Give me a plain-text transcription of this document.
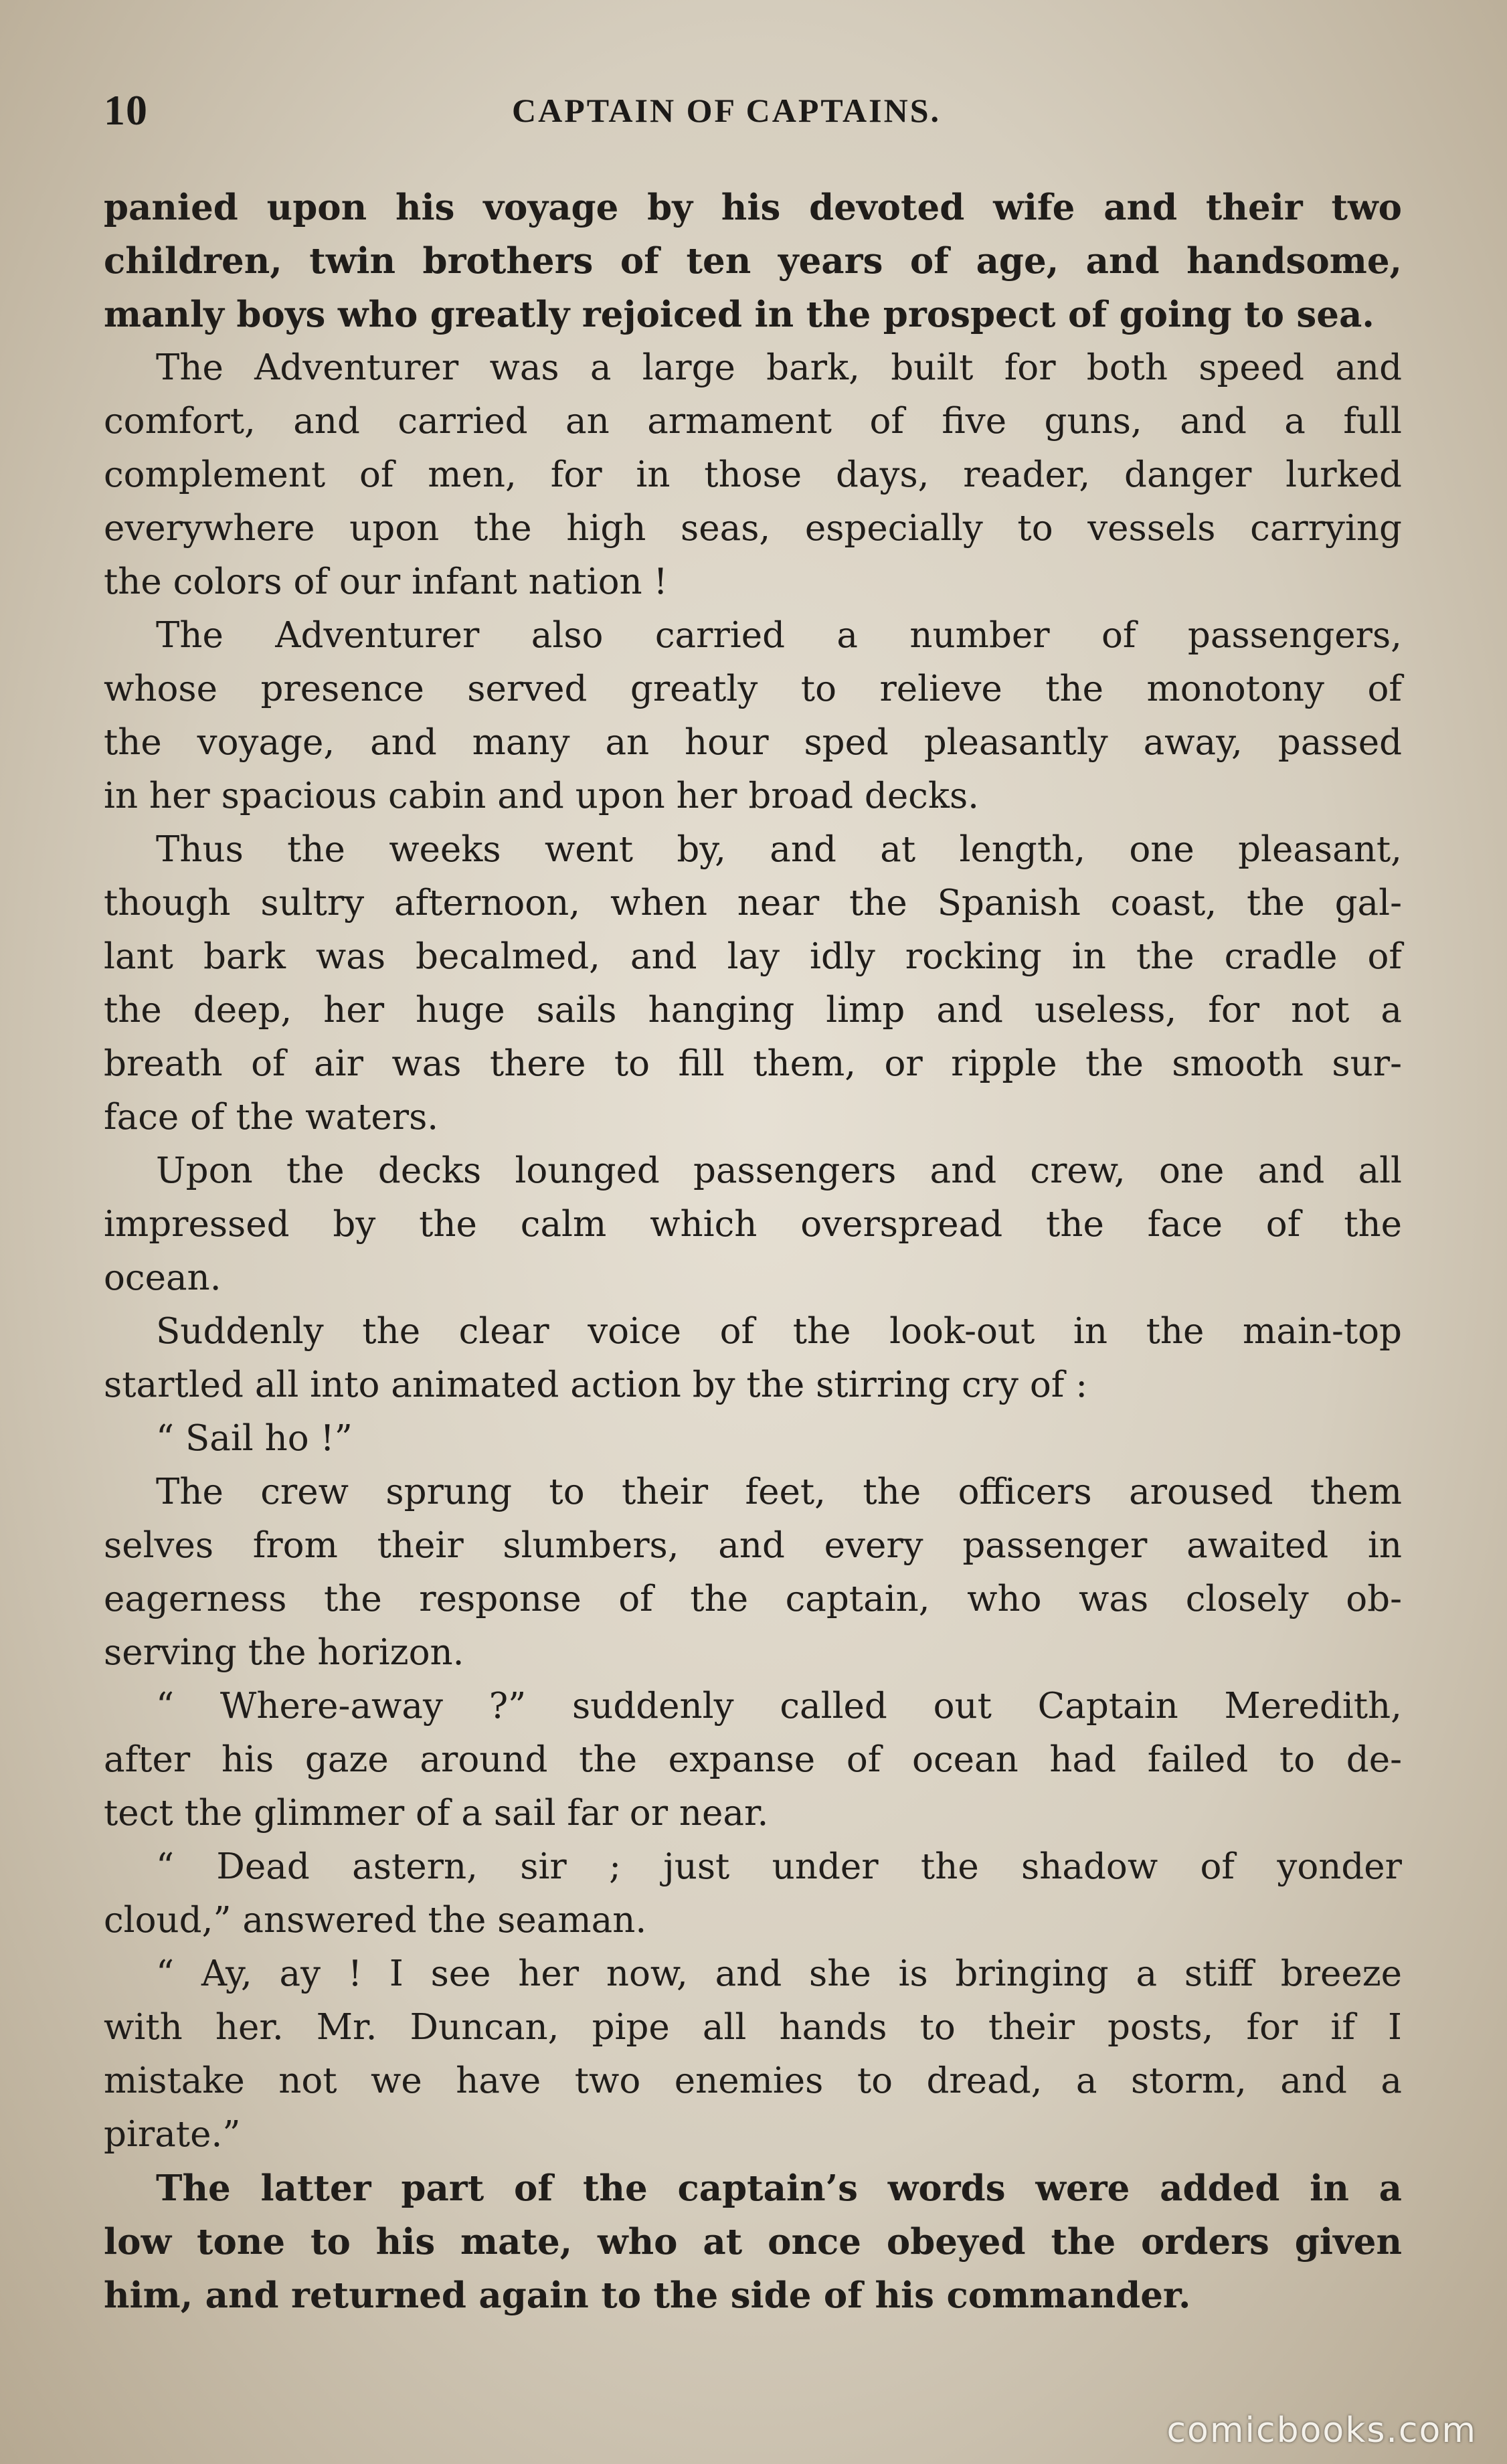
10	CAPTAIN OF CAPTAINS.
panied upon his voyage by his devoted wife and their two
children, twin brothers of ten years of age, and handsome,
manly boys who greatly rejoiced in the prospect of going to sea.
The Adventurer was a large bark, built for both speed and
comfort, and carried an armament of five guns, and a full
complement of men, for in those days, reader, danger lurked
everywhere upon the high seas, especially to vessels carrying
the colors of our infant nation !
The Adventurer also carried a number of passengers,
whose presence served greatly to relieve the monotony of
the voyage, and many an hour sped pleasantly away, passed
in her spacious cabin and upon her broad decks.
Thus the weeks went by, and at length, one pleasant,
though sultry afternoon, when near the Spanish coast, the gal-
lant bark was becalmed, and lay idly rocking in the cradle of
the deep, her huge sails hanging limp and useless, for not a
breath of air was there to fill them, or ripple the smooth sur-
face of the waters.
Upon the decks lounged passengers and crew, one and all
impressed by the calm which overspread the face of the
ocean.
Suddenly the clear voice of the look-out in the main-top
startled all into animated action by the stirring cry of :
“ Sail ho !”
The crew sprung to their feet, the officers aroused them
selves from their slumbers, and every passenger awaited in
eagerness the response of the captain, who was closely ob-
serving the horizon.
“ Where-away ?” suddenly called out Captain Meredith,
after his gaze around the expanse of ocean had failed to de-
tect the glimmer of a sail far or near.
“ Dead astern, sir ; just under the shadow of yonder
cloud,” answered the seaman.
“ Ay, ay ! I see her now, and she is bringing a stiff breeze
with her. Mr. Duncan, pipe all hands to their posts, for if I
mistake not we have two enemies to dread, a storm, and a
pirate.”
The latter part of the captain’s words were added in a
low tone to his mate, who at once obeyed the orders given
him, and returned again to the side of his commander.
comicbooks.com
